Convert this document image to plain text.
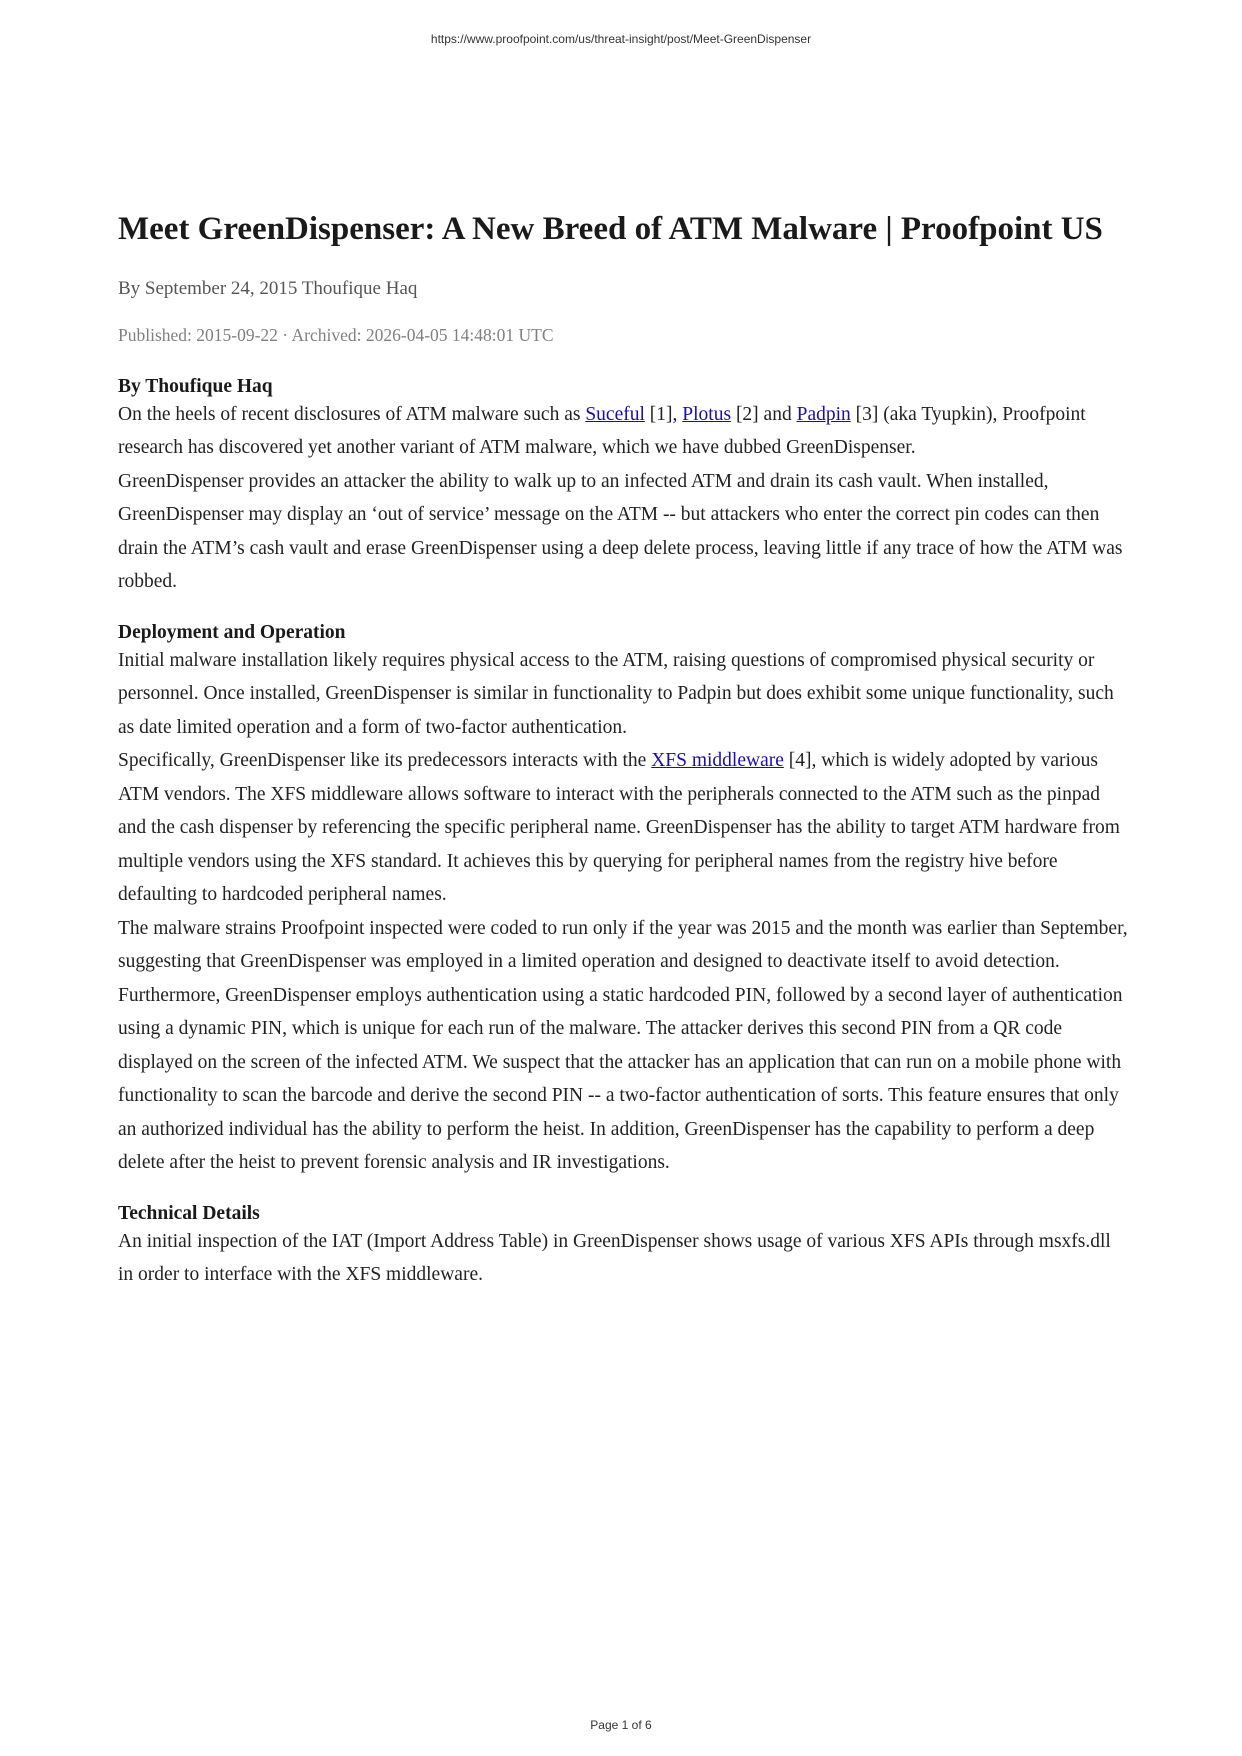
https://www.proofpoint.com/us/threat-insight/post/Meet-GreenDispenser
Meet GreenDispenser: A New Breed of ATM Malware | Proofpoint US
By September 24, 2015 Thoufique Haq
Published: 2015-09-22 · Archived: 2026-04-05 14:48:01 UTC
By Thoufique Haq

On the heels of recent disclosures of ATM malware such as Suceful [1], Plotus [2] and Padpin [3] (aka Tyupkin), Proofpoint research has discovered yet another variant of ATM malware, which we have dubbed GreenDispenser.

GreenDispenser provides an attacker the ability to walk up to an infected ATM and drain its cash vault. When installed, GreenDispenser may display an ‘out of service’ message on the ATM -- but attackers who enter the correct pin codes can then drain the ATM’s cash vault and erase GreenDispenser using a deep delete process, leaving little if any trace of how the ATM was robbed.

Deployment and Operation

Initial malware installation likely requires physical access to the ATM, raising questions of compromised physical security or personnel. Once installed, GreenDispenser is similar in functionality to Padpin but does exhibit some unique functionality, such as date limited operation and a form of two-factor authentication.

Specifically, GreenDispenser like its predecessors interacts with the XFS middleware [4], which is widely adopted by various ATM vendors. The XFS middleware allows software to interact with the peripherals connected to the ATM such as the pinpad and the cash dispenser by referencing the specific peripheral name. GreenDispenser has the ability to target ATM hardware from multiple vendors using the XFS standard. It achieves this by querying for peripheral names from the registry hive before defaulting to hardcoded peripheral names.

The malware strains Proofpoint inspected were coded to run only if the year was 2015 and the month was earlier than September, suggesting that GreenDispenser was employed in a limited operation and designed to deactivate itself to avoid detection. Furthermore, GreenDispenser employs authentication using a static hardcoded PIN, followed by a second layer of authentication using a dynamic PIN, which is unique for each run of the malware. The attacker derives this second PIN from a QR code displayed on the screen of the infected ATM. We suspect that the attacker has an application that can run on a mobile phone with functionality to scan the barcode and derive the second PIN -- a two-factor authentication of sorts. This feature ensures that only an authorized individual has the ability to perform the heist. In addition, GreenDispenser has the capability to perform a deep delete after the heist to prevent forensic analysis and IR investigations.

Technical Details

An initial inspection of the IAT (Import Address Table) in GreenDispenser shows usage of various XFS APIs through msxfs.dll in order to interface with the XFS middleware.

Page 1 of 6
